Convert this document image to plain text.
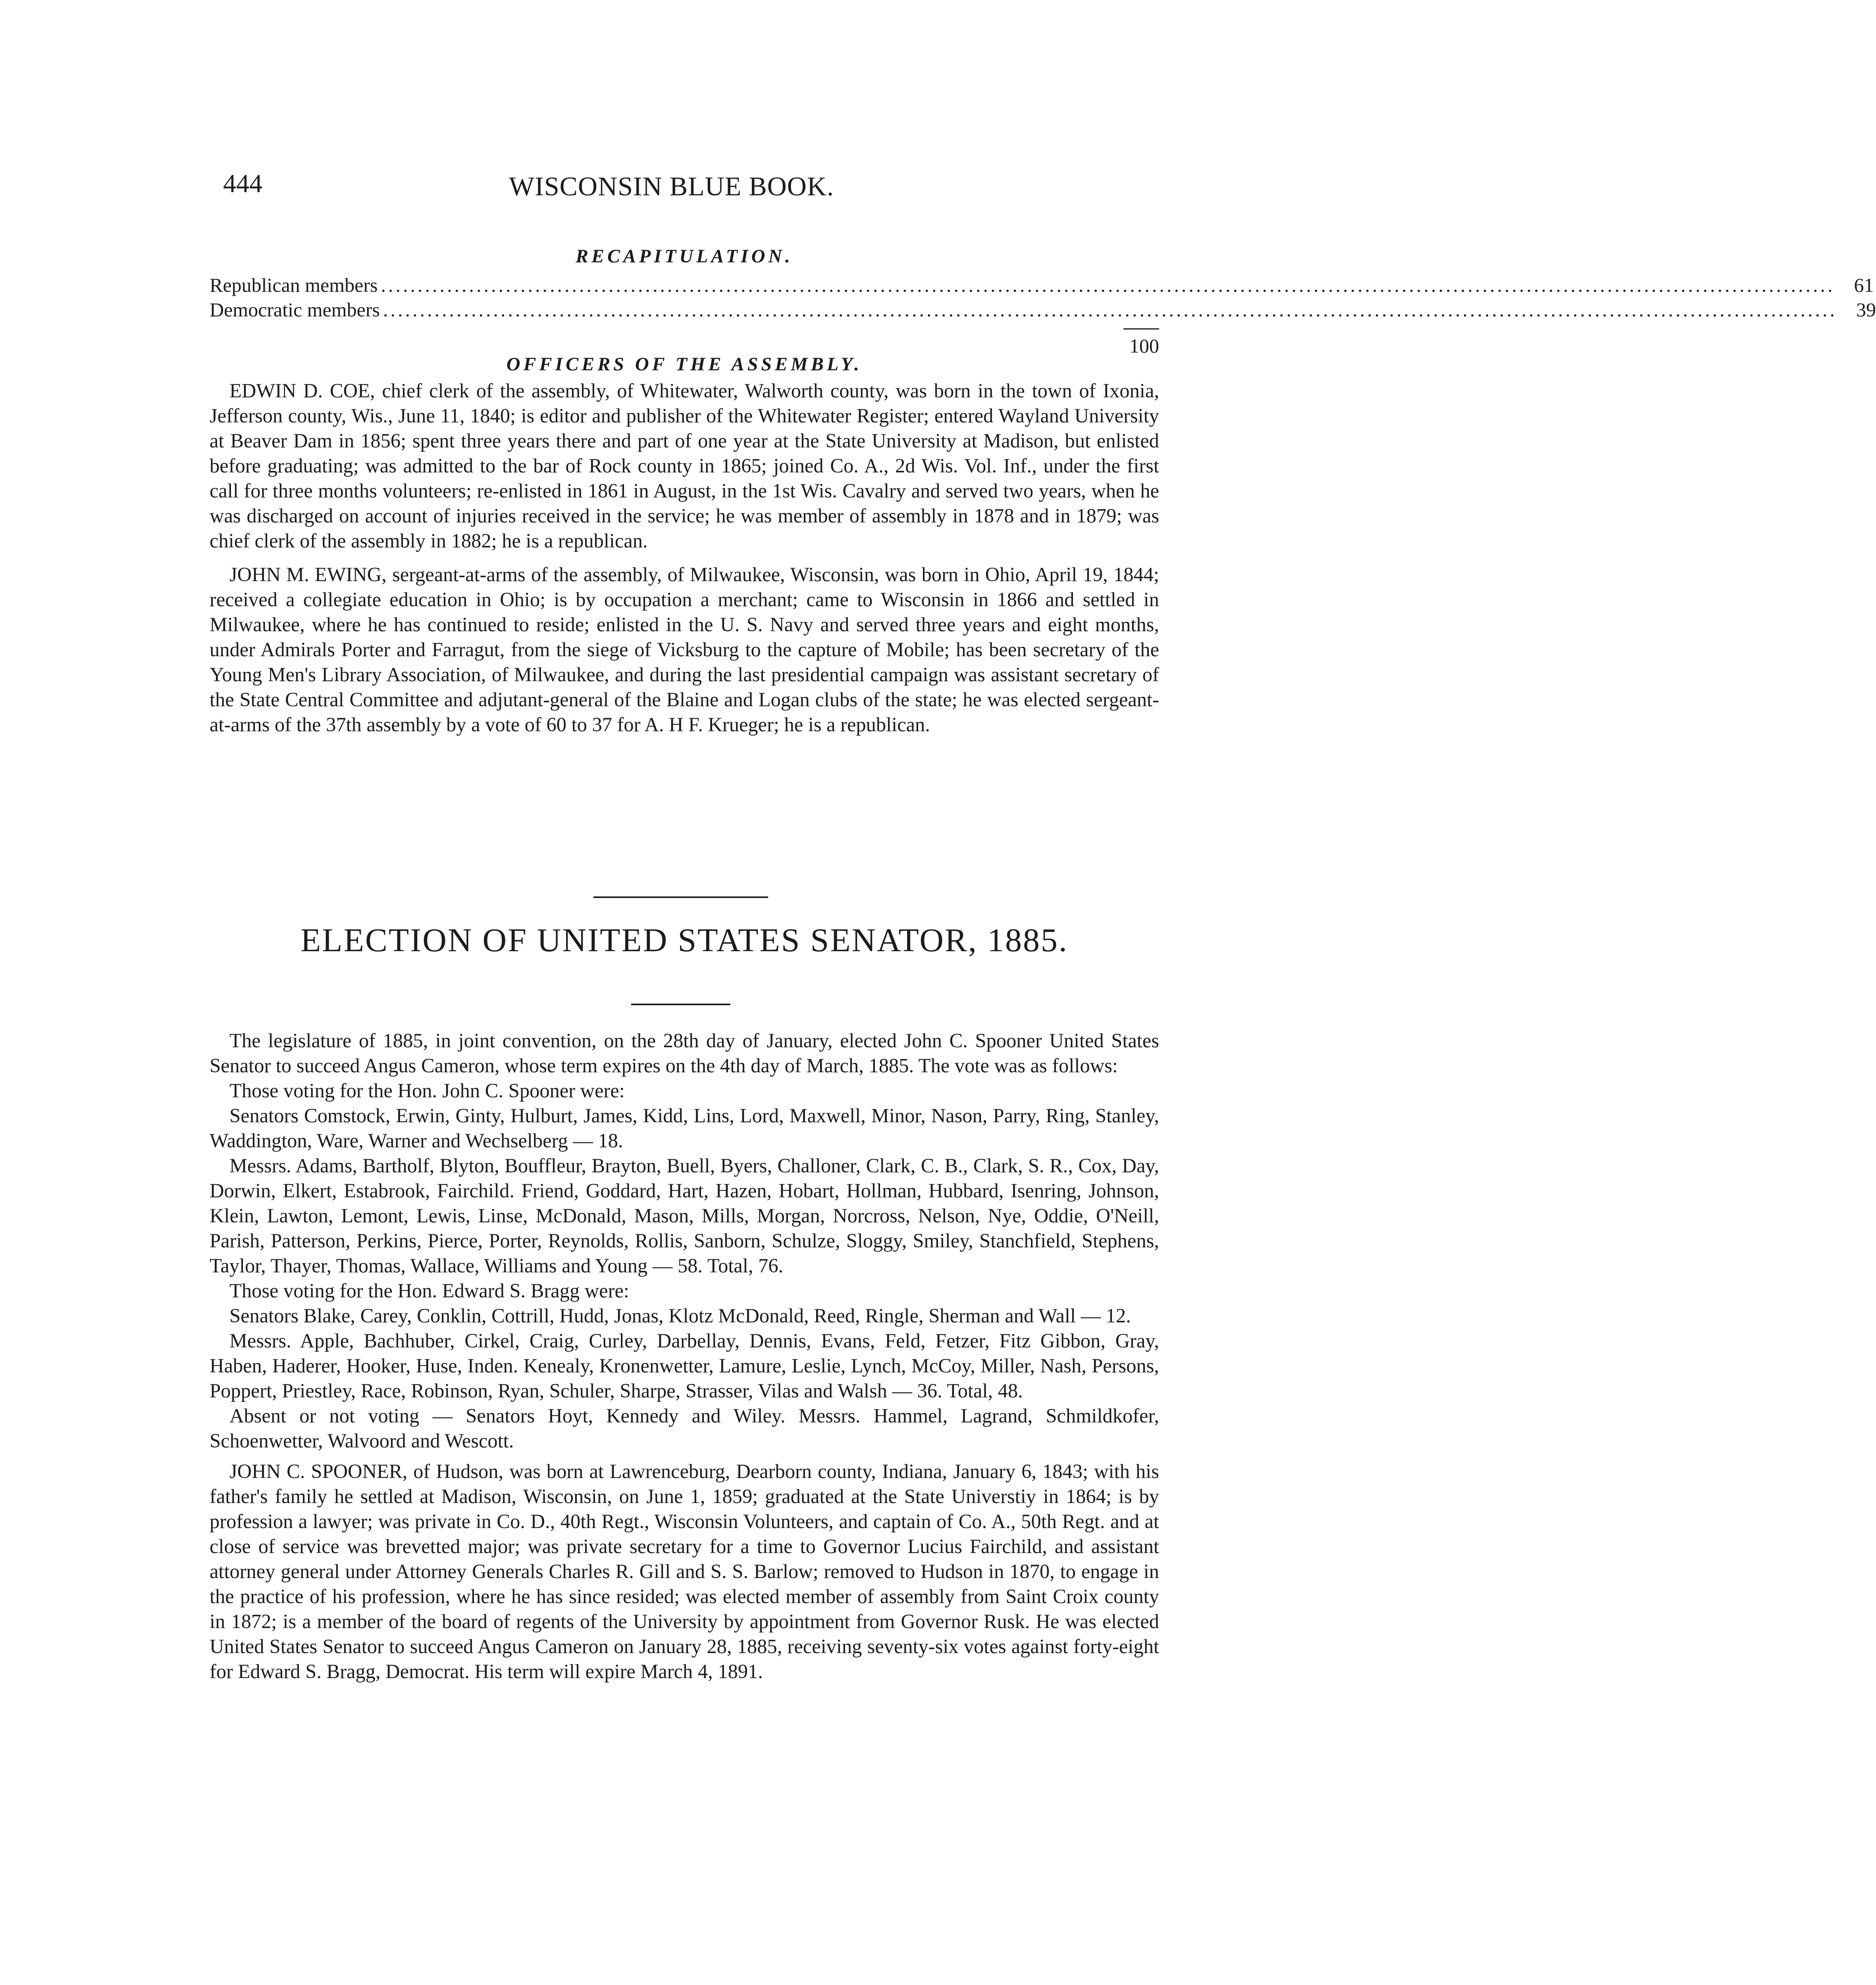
444	WISCONSIN BLUE BOOK.
RECAPITULATION.
Republican members ...................................................................................................................................................................................................... 61
Democratic members ...................................................................................................................................................................................................... 39
100
OFFICERS OF THE ASSEMBLY.

EDWIN D. COE, chief clerk of the assembly, of Whitewater, Walworth county, was born in the town of Ixonia, Jefferson county, Wis., June 11, 1840; is editor and publisher of the Whitewater Register; entered Wayland University at Beaver Dam in 1856; spent three years there and part of one year at the State University at Madison, but enlisted before graduating; was admitted to the bar of Rock county in 1865; joined Co. A., 2d Wis. Vol. Inf., under the first call for three months volunteers; re-enlisted in 1861 in August, in the 1st Wis. Cavalry and served two years, when he was discharged on account of injuries received in the service; he was member of assembly in 1878 and in 1879; was chief clerk of the assembly in 1882; he is a republican.

JOHN M. EWING, sergeant-at-arms of the assembly, of Milwaukee, Wisconsin, was born in Ohio, April 19, 1844; received a collegiate education in Ohio; is by occupation a merchant; came to Wisconsin in 1866 and settled in Milwaukee, where he has continued to reside; enlisted in the U. S. Navy and served three years and eight months, under Admirals Porter and Farragut, from the siege of Vicksburg to the capture of Mobile; has been secretary of the Young Men's Library Association, of Milwaukee, and during the last presidential campaign was assistant secretary of the State Central Committee and adjutant-general of the Blaine and Logan clubs of the state; he was elected sergeant-at-arms of the 37th assembly by a vote of 60 to 37 for A. H F. Krueger; he is a republican.

ELECTION OF UNITED STATES SENATOR, 1885.

The legislature of 1885, in joint convention, on the 28th day of January, elected John C. Spooner United States Senator to succeed Angus Cameron, whose term expires on the 4th day of March, 1885. The vote was as follows:

Those voting for the Hon. John C. Spooner were:

Senators Comstock, Erwin, Ginty, Hulburt, James, Kidd, Lins, Lord, Maxwell, Minor, Nason, Parry, Ring, Stanley, Waddington, Ware, Warner and Wechselberg — 18.

Messrs. Adams, Bartholf, Blyton, Bouffleur, Brayton, Buell, Byers, Challoner, Clark, C. B., Clark, S. R., Cox, Day, Dorwin, Elkert, Estabrook, Fairchild. Friend, Goddard, Hart, Hazen, Hobart, Hollman, Hubbard, Isenring, Johnson, Klein, Lawton, Lemont, Lewis, Linse, McDonald, Mason, Mills, Morgan, Norcross, Nelson, Nye, Oddie, O'Neill, Parish, Patterson, Perkins, Pierce, Porter, Reynolds, Rollis, Sanborn, Schulze, Sloggy, Smiley, Stanchfield, Stephens, Taylor, Thayer, Thomas, Wallace, Williams and Young — 58. Total, 76.

Those voting for the Hon. Edward S. Bragg were:

Senators Blake, Carey, Conklin, Cottrill, Hudd, Jonas, Klotz McDonald, Reed, Ringle, Sherman and Wall — 12.

Messrs. Apple, Bachhuber, Cirkel, Craig, Curley, Darbellay, Dennis, Evans, Feld, Fetzer, Fitz Gibbon, Gray, Haben, Haderer, Hooker, Huse, Inden. Kenealy, Kronenwetter, Lamure, Leslie, Lynch, McCoy, Miller, Nash, Persons, Poppert, Priestley, Race, Robinson, Ryan, Schuler, Sharpe, Strasser, Vilas and Walsh — 36. Total, 48.

Absent or not voting — Senators Hoyt, Kennedy and Wiley. Messrs. Hammel, Lagrand, Schmildkofer, Schoenwetter, Walvoord and Wescott.

JOHN C. SPOONER, of Hudson, was born at Lawrenceburg, Dearborn county, Indiana, January 6, 1843; with his father's family he settled at Madison, Wisconsin, on June 1, 1859; graduated at the State Universtiy in 1864; is by profession a lawyer; was private in Co. D., 40th Regt., Wisconsin Volunteers, and captain of Co. A., 50th Regt. and at close of service was brevetted major; was private secretary for a time to Governor Lucius Fairchild, and assistant attorney general under Attorney Generals Charles R. Gill and S. S. Barlow; removed to Hudson in 1870, to engage in the practice of his profession, where he has since resided; was elected member of assembly from Saint Croix county in 1872; is a member of the board of regents of the University by appointment from Governor Rusk. He was elected United States Senator to succeed Angus Cameron on January 28, 1885, receiving seventy-six votes against forty-eight for Edward S. Bragg, Democrat. His term will expire March 4, 1891.
